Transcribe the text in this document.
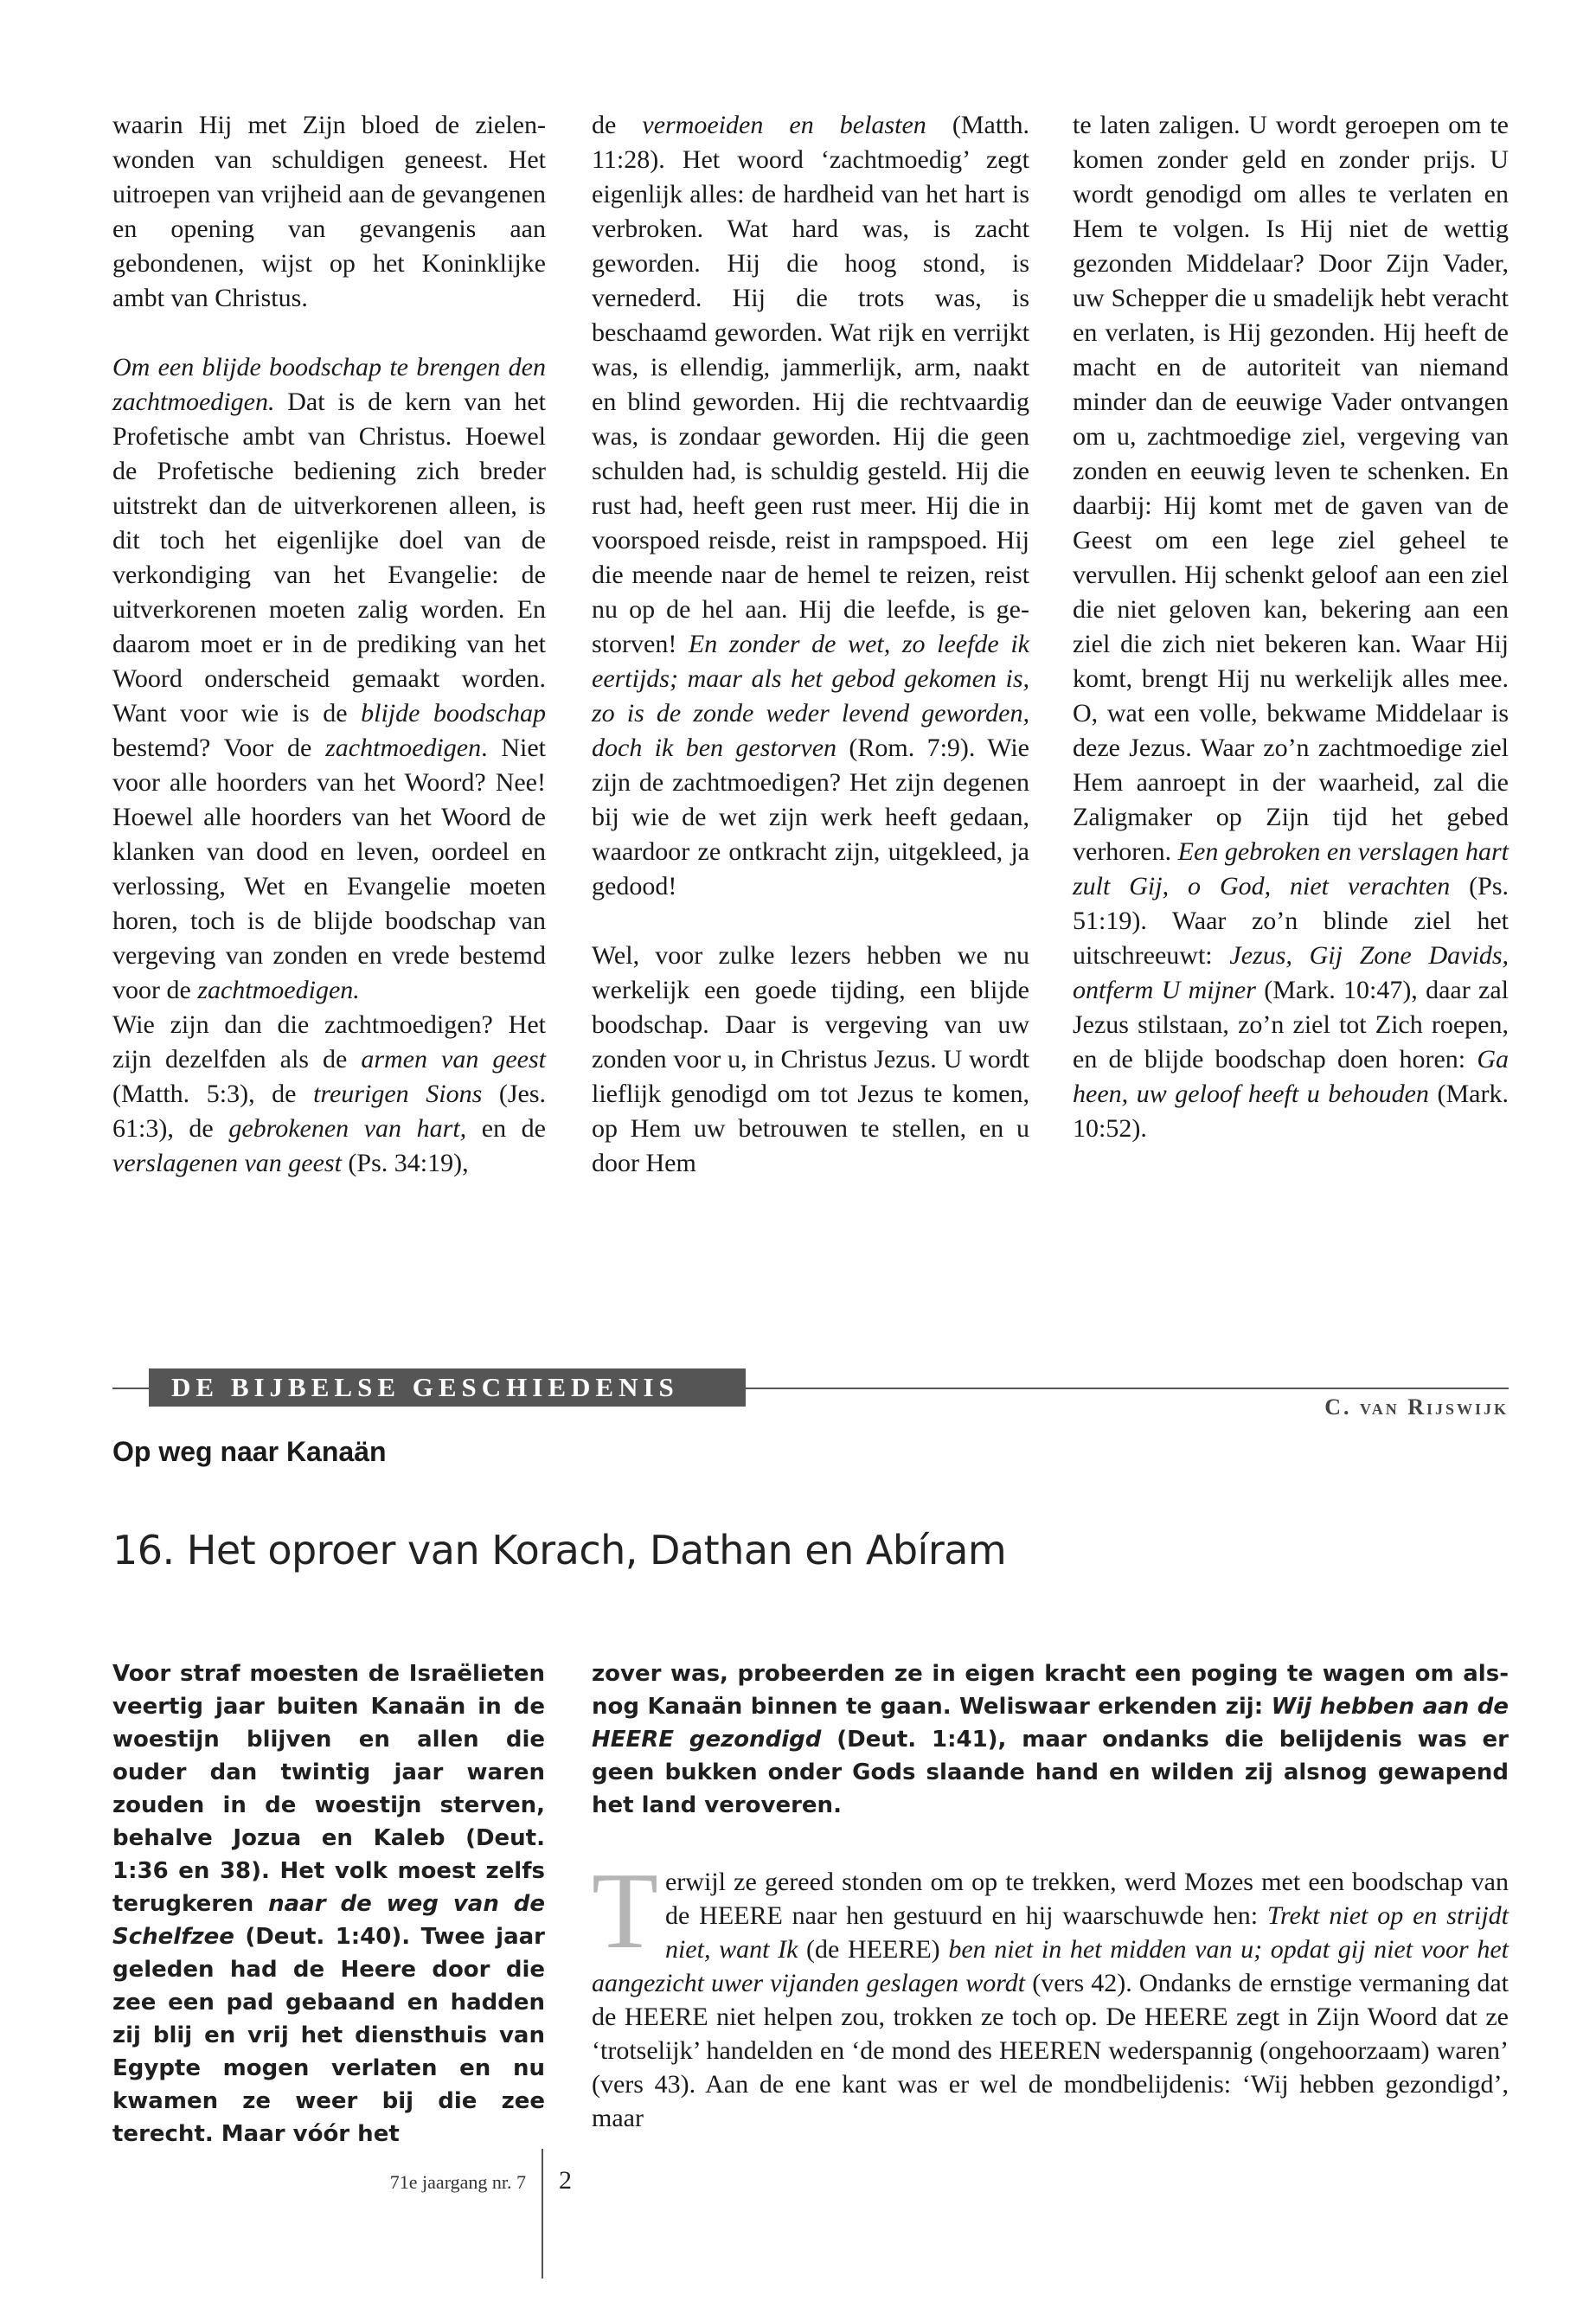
waarin Hij met Zijn bloed de zielenwonden van schuldigen geneest. Het uitroepen van vrijheid aan de gevangenen en opening van gevangenis aan gebondenen, wijst op het Koninklijke ambt van Christus.

Om een blijde boodschap te brengen den zachtmoedigen. Dat is de kern van het Profetische ambt van Christus. Hoewel de Profetische bediening zich breder uitstrekt dan de uitverkorenen alleen, is dit toch het eigenlijke doel van de verkondiging van het Evangelie: de uitverkorenen moeten zalig worden. En daarom moet er in de prediking van het Woord onderscheid gemaakt worden. Want voor wie is de blijde boodschap bestemd? Voor de zachtmoedigen. Niet voor alle hoorders van het Woord? Nee! Hoewel alle hoorders van het Woord de klanken van dood en leven, oordeel en verlossing, Wet en Evangelie moeten horen, toch is de blijde boodschap van vergeving van zonden en vrede bestemd voor de zachtmoedigen.

Wie zijn dan die zachtmoedigen? Het zijn dezelfden als de armen van geest (Matth. 5:3), de treurigen Sions (Jes. 61:3), de gebrokenen van hart, en de verslagenen van geest (Ps. 34:19),

de vermoeiden en belasten (Matth. 11:28). Het woord ‘zachtmoedig’ zegt eigenlijk alles: de hardheid van het hart is verbroken. Wat hard was, is zacht geworden. Hij die hoog stond, is vernederd. Hij die trots was, is beschaamd geworden. Wat rijk en verrijkt was, is ellendig, jammerlijk, arm, naakt en blind geworden. Hij die rechtvaardig was, is zondaar geworden. Hij die geen schulden had, is schuldig gesteld. Hij die rust had, heeft geen rust meer. Hij die in voorspoed reisde, reist in rampspoed. Hij die meende naar de hemel te reizen, reist nu op de hel aan. Hij die leefde, is gestorven! En zonder de wet, zo leefde ik eertijds; maar als het gebod gekomen is, zo is de zonde weder levend geworden, doch ik ben gestorven (Rom. 7:9). Wie zijn de zachtmoedigen? Het zijn degenen bij wie de wet zijn werk heeft gedaan, waardoor ze ontkracht zijn, uitgekleed, ja gedood!

Wel, voor zulke lezers hebben we nu werkelijk een goede tijding, een blijde boodschap. Daar is vergeving van uw zonden voor u, in Christus Jezus. U wordt lieflijk genodigd om tot Jezus te komen, op Hem uw betrouwen te stellen, en u door Hem

te laten zaligen. U wordt geroepen om te komen zonder geld en zonder prijs. U wordt genodigd om alles te verlaten en Hem te volgen. Is Hij niet de wettig gezonden Middelaar? Door Zijn Vader, uw Schepper die u smadelijk hebt veracht en verlaten, is Hij gezonden. Hij heeft de macht en de autoriteit van niemand minder dan de eeuwige Vader ontvangen om u, zachtmoedige ziel, vergeving van zonden en eeuwig leven te schenken. En daarbij: Hij komt met de gaven van de Geest om een lege ziel geheel te vervullen. Hij schenkt geloof aan een ziel die niet geloven kan, bekering aan een ziel die zich niet bekeren kan. Waar Hij komt, brengt Hij nu werkelijk alles mee. O, wat een volle, bekwame Middelaar is deze Jezus. Waar zo’n zachtmoedige ziel Hem aanroept in der waarheid, zal die Zaligmaker op Zijn tijd het gebed verhoren. Een gebroken en verslagen hart zult Gij, o God, niet verachten (Ps. 51:19). Waar zo’n blinde ziel het uitschreeuwt: Jezus, Gij Zone Davids, ontferm U mijner (Mark. 10:47), daar zal Jezus stilstaan, zo’n ziel tot Zich roepen, en de blijde boodschap doen horen: Ga heen, uw geloof heeft u behouden (Mark. 10:52).

DE BIJBELSE GESCHIEDENIS
C. van Rijswijk
Op weg naar Kanaän
16. Het oproer van Korach, Dathan en Abíram

Voor straf moesten de Israëlieten veertig jaar buiten Kanaän in de woestijn blijven en allen die ouder dan twintig jaar waren zouden in de woestijn sterven, behalve Jozua en Kaleb (Deut. 1:36 en 38). Het volk moest zelfs terugkeren naar de weg van de Schelfzee (Deut. 1:40). Twee jaar geleden had de Heere door die zee een pad gebaand en hadden zij blij en vrij het diensthuis van Egypte mogen verlaten en nu kwamen ze weer bij die zee terecht. Maar vóór het

zover was, probeerden ze in eigen kracht een poging te wagen om alsnog Kanaän binnen te gaan. Weliswaar erkenden zij: Wij hebben aan de HEERE gezondigd (Deut. 1:41), maar ondanks die belijdenis was er geen bukken onder Gods slaande hand en wilden zij alsnog gewapend het land veroveren.

Terwijl ze gereed stonden om op te trekken, werd Mozes met een boodschap van de HEERE naar hen gestuurd en hij waarschuwde hen: Trekt niet op en strijdt niet, want Ik (de HEERE) ben niet in het midden van u; opdat gij niet voor het aangezicht uwer vijanden geslagen wordt (vers 42). Ondanks de ernstige vermaning dat de HEERE niet helpen zou, trokken ze toch op. De HEERE zegt in Zijn Woord dat ze ‘trotselijk’ handelden en ‘de mond des HEEREN wederspannig (ongehoorzaam) waren’ (vers 43). Aan de ene kant was er wel de mondbelijdenis: ‘Wij hebben gezondigd’, maar

71e jaargang nr. 7 2
